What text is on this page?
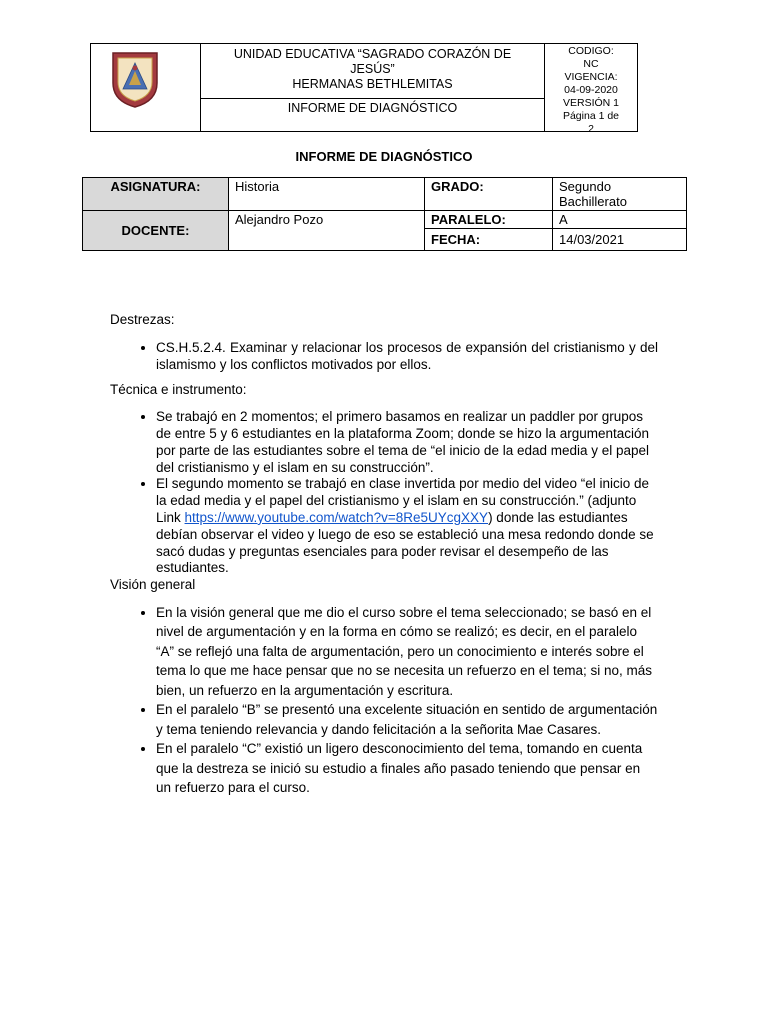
UNIDAD EDUCATIVA “SAGRADO CORAZÓN DE
JESÚS”
HERMANAS BETHLEMITAS
INFORME DE DIAGNÓSTICO
CODIGO:
NC
VIGENCIA:
04-09-2020
VERSIÓN 1
Página 1 de
2
INFORME DE DIAGNÓSTICO
ASIGNATURA:	Historia	GRADO:	Segundo
Bachillerato

DOCENTE:	Alejandro Pozo	PARALELO:	A
		FECHA:	14/03/2021

Destrezas:

• CS.H.5.2.4. Examinar y relacionar los procesos de expansión del cristianismo y del islamismo y los conflictos motivados por ellos.

Técnica e instrumento:

• Se trabajó en 2 momentos; el primero basamos en realizar un paddler por grupos de entre 5 y 6 estudiantes en la plataforma Zoom; donde se hizo la argumentación por parte de las estudiantes sobre el tema de “el inicio de la edad media y el papel del cristianismo y el islam en su construcción”.
• El segundo momento se trabajó en clase invertida por medio del video “el inicio de la edad media y el papel del cristianismo y el islam en su construcción.” (adjunto Link https://www.youtube.com/watch?v=8Re5UYcgXXY) donde las estudiantes debían observar el video y luego de eso se estableció una mesa redondo donde se sacó dudas y preguntas esenciales para poder revisar el desempeño de las estudiantes.

Visión general

• En la visión general que me dio el curso sobre el tema seleccionado; se basó en el nivel de argumentación y en la forma en cómo se realizó; es decir, en el paralelo “A” se reflejó una falta de argumentación, pero un conocimiento e interés sobre el tema lo que me hace pensar que no se necesita un refuerzo en el tema; si no, más bien, un refuerzo en la argumentación y escritura.
• En el paralelo “B” se presentó una excelente situación en sentido de argumentación y tema teniendo relevancia y dando felicitación a la señorita Mae Casares.
• En el paralelo “C” existió un ligero desconocimiento del tema, tomando en cuenta que la destreza se inició su estudio a finales año pasado teniendo que pensar en un refuerzo para el curso.
